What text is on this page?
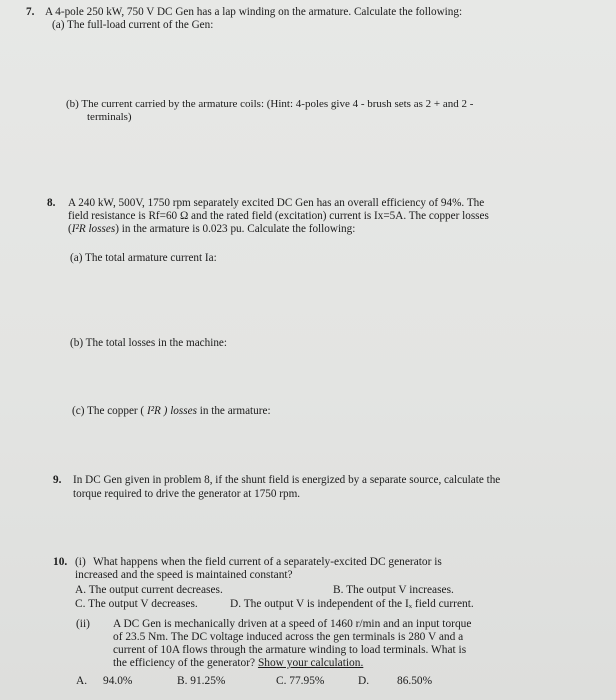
7. A 4-pole 250 kW, 750 V DC Gen has a lap winding on the armature. Calculate the following:
(a) The full-load current of the Gen:
(b) The current carried by the armature coils: (Hint: 4-poles give 4 - brush sets as 2 + and 2 -
terminals)
8. A 240 kW, 500V, 1750 rpm separately excited DC Gen has an overall efficiency of 94%. The
field resistance is Rf=60 Ω and the rated field (excitation) current is Ix=5A. The copper losses
(I²R losses) in the armature is 0.023 pu. Calculate the following:
(a) The total armature current Ia:
(b) The total losses in the machine:
(c) The copper ( I²R ) losses in the armature:
9. In DC Gen given in problem 8, if the shunt field is energized by a separate source, calculate the
torque required to drive the generator at 1750 rpm.
10. (i) What happens when the field current of a separately-excited DC generator is
increased and the speed is maintained constant?
A. The output current decreases.	B. The output V increases.
C. The output V decreases.	D. The output V is independent of the Iₓ field current.
(ii) A DC Gen is mechanically driven at a speed of 1460 r/min and an input torque
of 23.5 Nm. The DC voltage induced across the gen terminals is 280 V and a
current of 10A flows through the armature winding to load terminals. What is
the efficiency of the generator? Show your calculation.
A. 94.0%	B. 91.25%	C. 77.95%	D. 86.50%
